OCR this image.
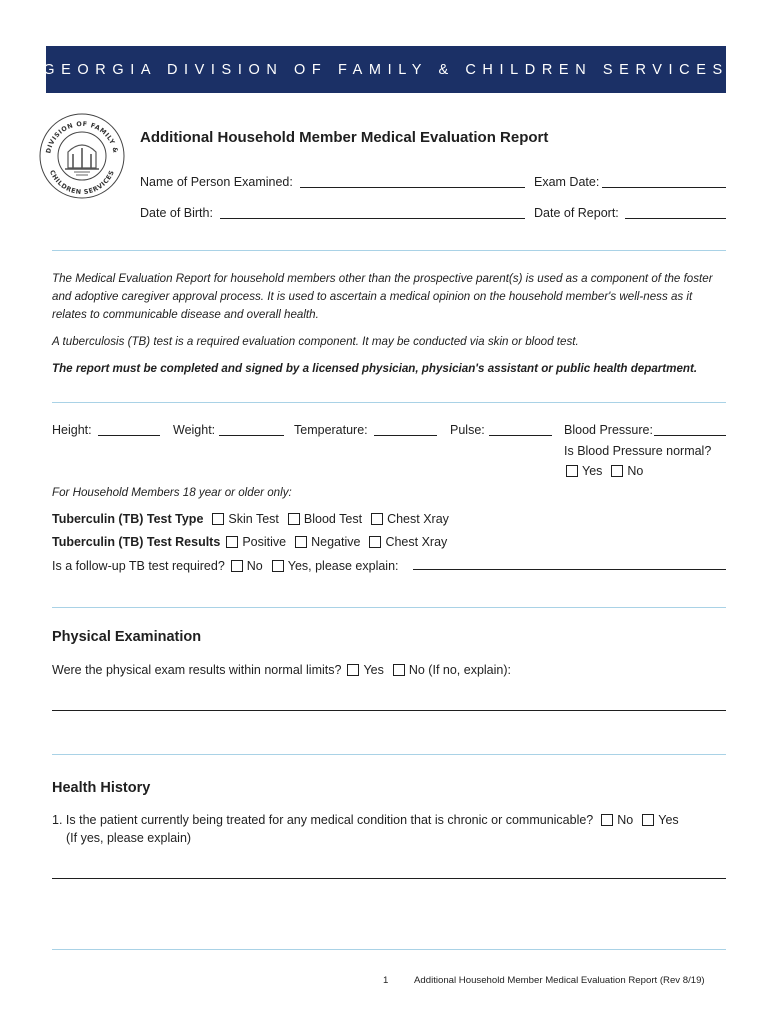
GEORGIA DIVISION OF FAMILY & CHILDREN SERVICES
DIVISION OF FAMILY &
CHILDREN SERVICES
Additional Household Member Medical Evaluation Report
Name of Person Examined:	Exam Date:
Date of Birth:	Date of Report:
The Medical Evaluation Report for household members other than the prospective parent(s) is used as a component of the foster and adoptive caregiver approval process. It is used to ascertain a medical opinion on the household member's well-ness as it relates to communicable disease and overall health.
A tuberculosis (TB) test is a required evaluation component. It may be conducted via skin or blood test.
The report must be completed and signed by a licensed physician, physician's assistant or public health department.
Height:	Weight:	Temperature:	Pulse:	Blood Pressure:
Is Blood Pressure normal?
Yes No
For Household Members 18 year or older only:
Tuberculin (TB) Test Type Skin Test Blood Test Chest Xray
Tuberculin (TB) Test Results Positive Negative Chest Xray
Is a follow-up TB test required? No Yes, please explain:
Physical Examination
Were the physical exam results within normal limits? Yes No (If no, explain):
Health History
1. Is the patient currently being treated for any medical condition that is chronic or communicable? No Yes
(If yes, please explain)
1	Additional Household Member Medical Evaluation Report (Rev 8/19)
